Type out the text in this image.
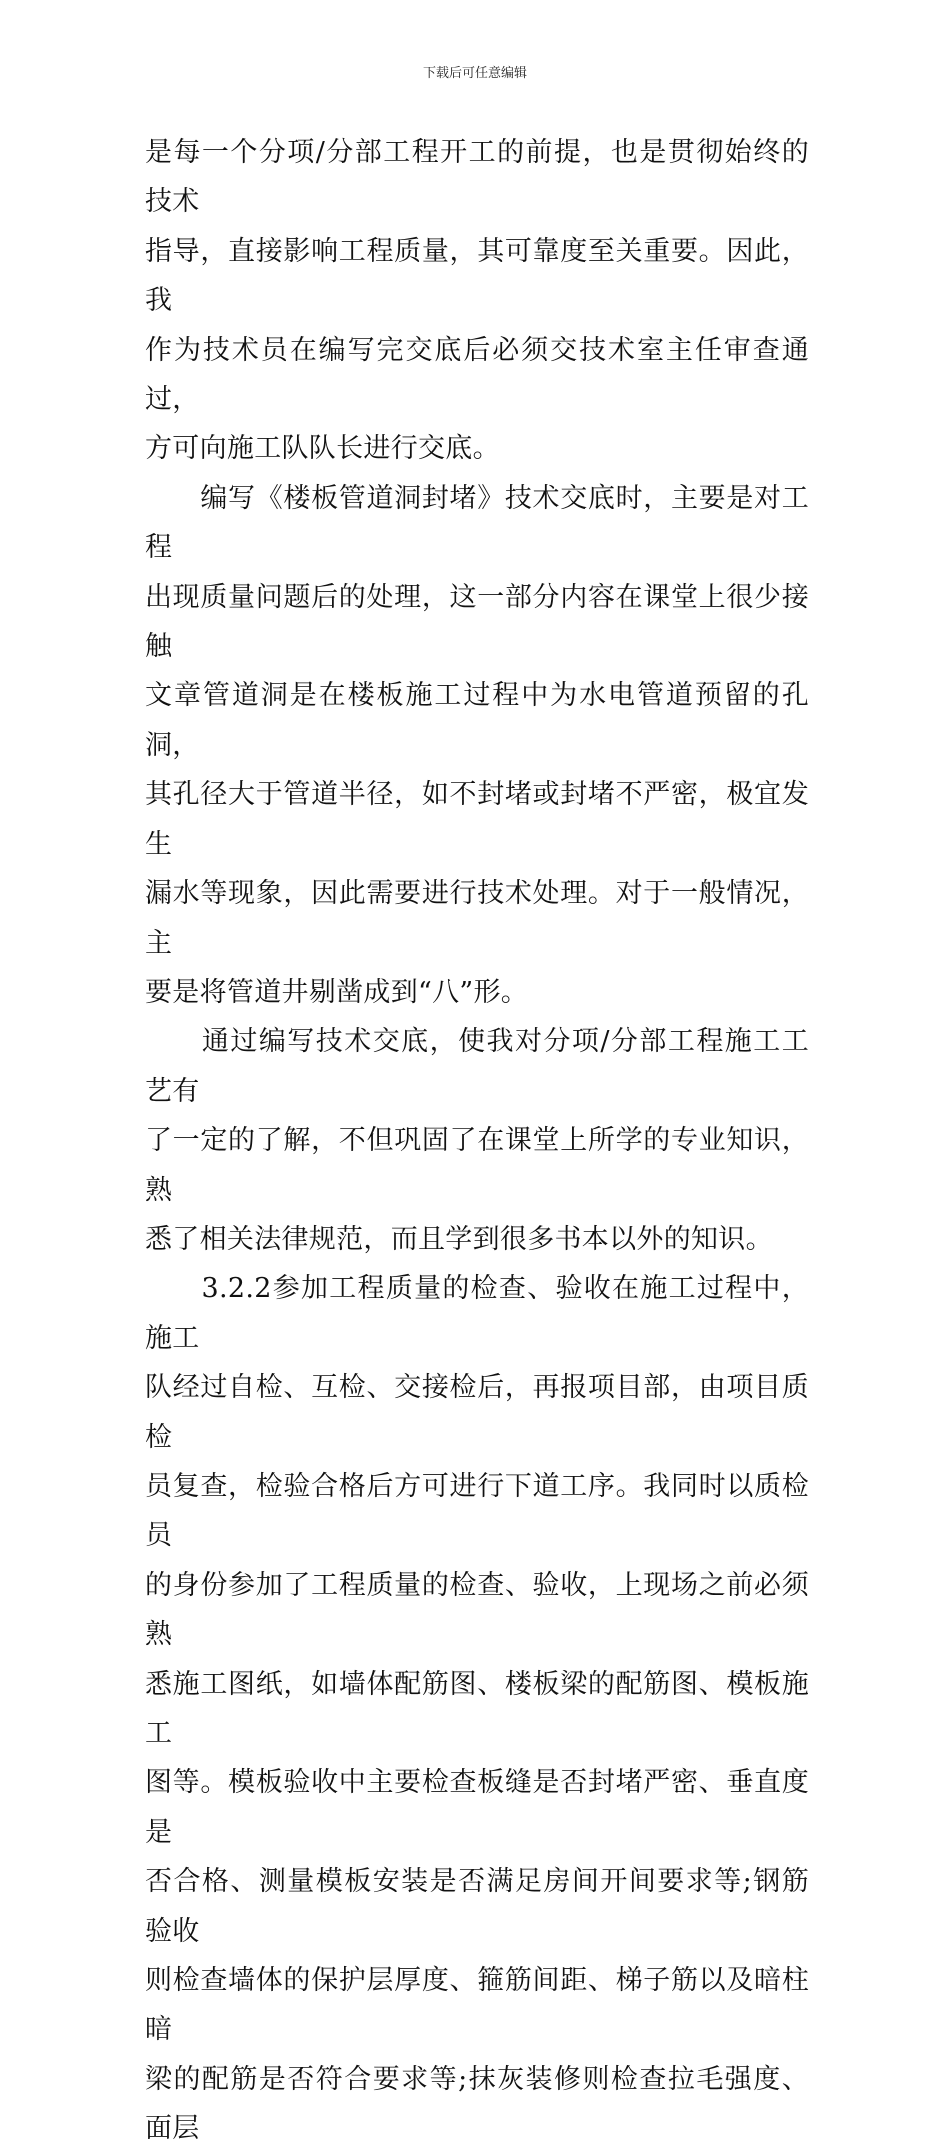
下载后可任意编辑

是每一个分项/分部工程开工的前提，也是贯彻始终的技术
指导，直接影响工程质量，其可靠度至关重要。因此，我
作为技术员在编写完交底后必须交技术室主任审查通过，
方可向施工队队长进行交底。

　　编写《楼板管道洞封堵》技术交底时，主要是对工程
出现质量问题后的处理，这一部分内容在课堂上很少接触
文章管道洞是在楼板施工过程中为水电管道预留的孔洞，
其孔径大于管道半径，如不封堵或封堵不严密，极宜发生
漏水等现象，因此需要进行技术处理。对于一般情况，主
要是将管道井剔凿成到“八”形。

　　通过编写技术交底，使我对分项/分部工程施工工艺有
了一定的了解，不但巩固了在课堂上所学的专业知识，熟
悉了相关法律规范，而且学到很多书本以外的知识。

　　3.2.2参加工程质量的检查、验收在施工过程中，施工
队经过自检、互检、交接检后，再报项目部，由项目质检
员复查，检验合格后方可进行下道工序。我同时以质检员
的身份参加了工程质量的检查、验收，上现场之前必须熟
悉施工图纸，如墙体配筋图、楼板梁的配筋图、模板施工
图等。模板验收中主要检查板缝是否封堵严密、垂直度是
否合格、测量模板安装是否满足房间开间要求等;钢筋验收
则检查墙体的保护层厚度、箍筋间距、梯子筋以及暗柱暗
梁的配筋是否符合要求等;抹灰装修则检查拉毛强度、面层
